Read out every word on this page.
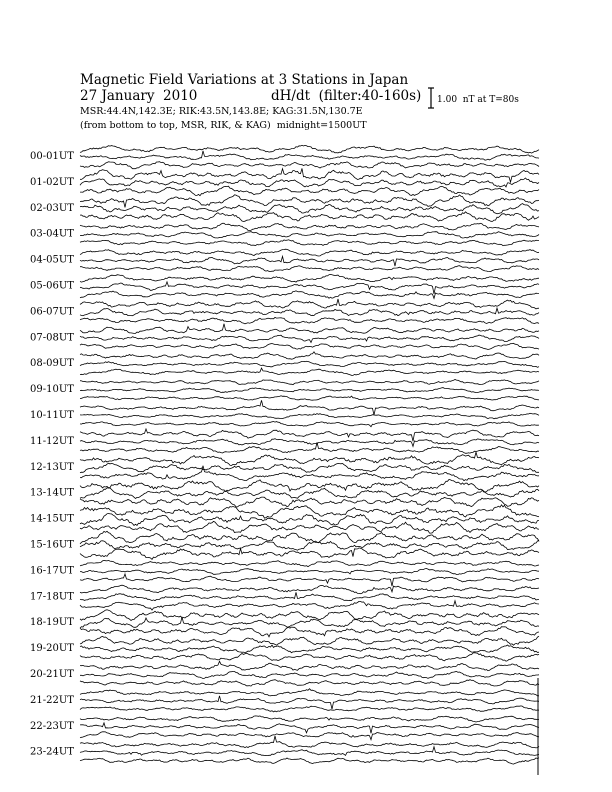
Magnetic Field Variations at 3 Stations in Japan
27 January  2010	dH/dt  (filter:40-160s)
MSR:44.4N,142.3E; RIK:43.5N,143.8E; KAG:31.5N,130.7E
(from bottom to top, MSR, RIK, & KAG)  midnight=1500UT
1.00  nT at T=80s
00-01UT
01-02UT
02-03UT
03-04UT
04-05UT
05-06UT
06-07UT
07-08UT
08-09UT
09-10UT
10-11UT
11-12UT
12-13UT
13-14UT
14-15UT
15-16UT
16-17UT
17-18UT
18-19UT
19-20UT
20-21UT
21-22UT
22-23UT
23-24UT
